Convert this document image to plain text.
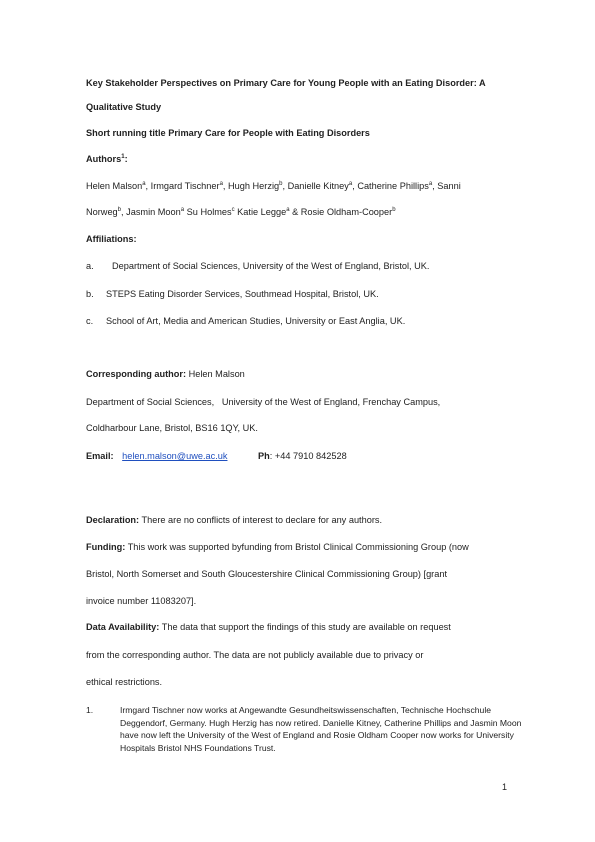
Key Stakeholder Perspectives on Primary Care for Young People with an Eating Disorder: A
Qualitative Study
Short running title Primary Care for People with Eating Disorders
Authors$^1$:
Helen Malson$^a$, Irmgard Tischner$^a$, Hugh Herzig$^b$, Danielle Kitney$^a$, Catherine Phillips$^a$, Sanni
Norweg$^b$, Jasmin Moon$^a$ Su Holmes$^c$ Katie Legge$^a$ & Rosie Oldham-Cooper$^b$
Affiliations:
a. Department of Social Sciences, University of the West of England, Bristol, UK.
b. STEPS Eating Disorder Services, Southmead Hospital, Bristol, UK.
c. School of Art, Media and American Studies, University or East Anglia, UK.
Corresponding author: Helen Malson
Department of Social Sciences,   University of the West of England, Frenchay Campus,
Coldharbour Lane, Bristol, BS16 1QY, UK.
Email: helen.malson@uwe.ac.uk	Ph: +44 7910 842528
Declaration: There are no conflicts of interest to declare for any authors.
Funding: This work was supported byfunding from Bristol Clinical Commissioning Group (now
Bristol, North Somerset and South Gloucestershire Clinical Commissioning Group) [grant
invoice number 11083207].
Data Availability: The data that support the findings of this study are available on request
from the corresponding author. The data are not publicly available due to privacy or
ethical restrictions.
1.	Irmgard Tischner now works at Angewandte Gesundheitswissenschaften, Technische Hochschule Deggendorf, Germany. Hugh Herzig has now retired. Danielle Kitney, Catherine Phillips and Jasmin Moon have now left the University of the West of England and Rosie Oldham Cooper now works for University Hospitals Bristol NHS Foundations Trust.
1
